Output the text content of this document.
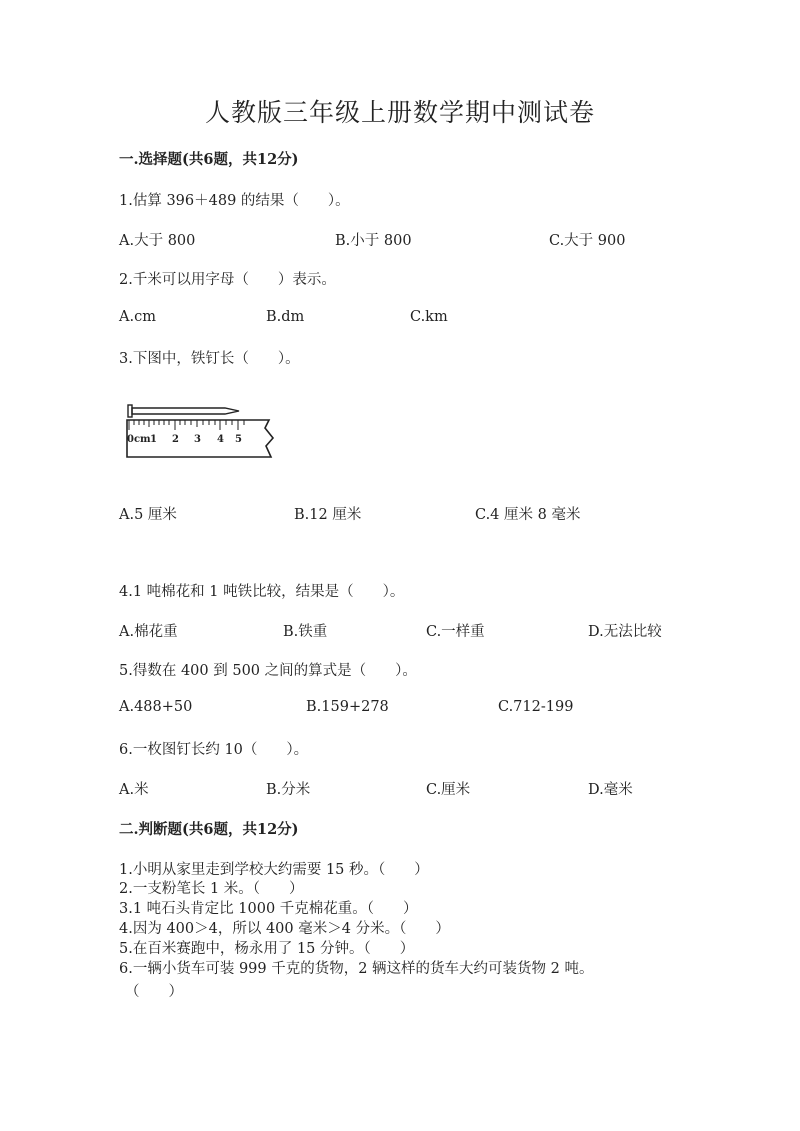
人教版三年级上册数学期中测试卷
一.选择题(共6题，共12分)
1.估算 396＋489 的结果（　　）。
A.大于 800	B.小于 800	C.大于 900
2.千米可以用字母（　　）表示。
A.cm	B.dm	C.km
3.下图中，铁钉长（　　）。
0cm 1 2 3 4 5
A.5 厘米	B.12 厘米	C.4 厘米 8 毫米
4.1 吨棉花和 1 吨铁比较，结果是（　　）。
A.棉花重	B.铁重	C.一样重	D.无法比较
5.得数在 400 到 500 之间的算式是（　　）。
A.488+50	B.159+278	C.712-199
6.一枚图钉长约 10（　　）。
A.米	B.分米	C.厘米	D.毫米
二.判断题(共6题，共12分)
1.小明从家里走到学校大约需要 15 秒。（　　）
2.一支粉笔长 1 米。（　　）
3.1 吨石头肯定比 1000 千克棉花重。（　　）
4.因为 400＞4，所以 400 毫米＞4 分米。（　　）
5.在百米赛跑中，杨永用了 15 分钟。（　　）
6.一辆小货车可装 999 千克的货物，2 辆这样的货车大约可装货物 2 吨。
（　　）
